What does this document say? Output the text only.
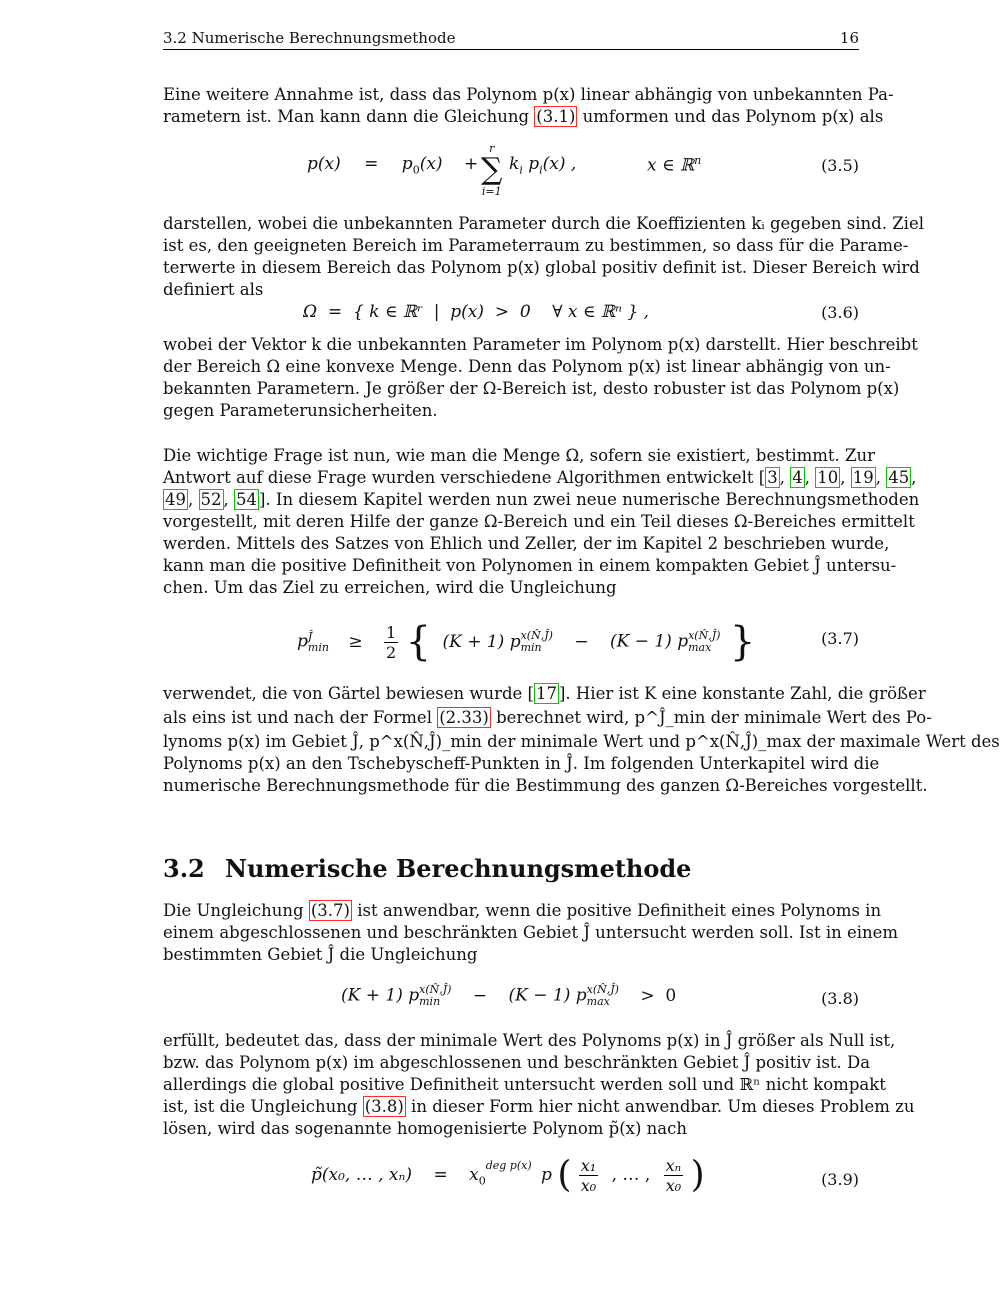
3.2 Numerische Berechnungsmethode	16
Eine weitere Annahme ist, dass das Polynom p(x) linear abhängig von unbekannten Pa-
rametern ist. Man kann dann die Gleichung (3.1) umformen und das Polynom p(x) als
$p(x) = p_0(x)$ +
r
∑
i=1
$k_i$ $p_i(x)$ ,	x ∈ ℝ$^n$	(3.5)
darstellen, wobei die unbekannten Parameter durch die Koeffizienten kᵢ gegeben sind. Ziel
ist es, den geeigneten Bereich im Parameterraum zu bestimmen, so dass für die Parame-
terwerte in diesem Bereich das Polynom p(x) global positiv definit ist. Dieser Bereich wird
definiert als
Ω  =  { k ∈ ℝʳ  |  p(x)  >  0    ∀ x ∈ ℝⁿ } ,	(3.6)
wobei der Vektor k die unbekannten Parameter im Polynom p(x) darstellt. Hier beschreibt
der Bereich Ω eine konvexe Menge. Denn das Polynom p(x) ist linear abhängig von un-
bekannten Parametern. Je größer der Ω-Bereich ist, desto robuster ist das Polynom p(x)
gegen Parameterunsicherheiten.
Die wichtige Frage ist nun, wie man die Menge Ω, sofern sie existiert, bestimmt. Zur
Antwort auf diese Frage wurden verschiedene Algorithmen entwickelt [ 3 , 4 , 10 , 19 , 45 ,
49 , 52 , 54 ]. In diesem Kapitel werden nun zwei neue numerische Berechnungsmethoden
vorgestellt, mit deren Hilfe der ganze Ω-Bereich und ein Teil dieses Ω-Bereiches ermittelt
werden. Mittels des Satzes von Ehlich und Zeller, der im Kapitel 2 beschrieben wurde,
kann man die positive Definitheit von Polynomen in einem kompakten Gebiet Ĵ untersu-
chen. Um das Ziel zu erreichen, wird die Ungleichung
p Ĵ
$\min \ge \frac{1}{2}$ { (K + 1) p x(N̂,Ĵ)
min	− (K − 1) p x(N̂,Ĵ)
max }	(3.7)
verwendet, die von Gärtel bewiesen wurde [ 17 ]. Hier ist K eine konstante Zahl, die größer
als eins ist und nach der Formel (2.33) berechnet wird, p^Ĵ_min der minimale Wert des Po-
lynoms p(x) im Gebiet Ĵ, p^x(N̂,Ĵ)_min der minimale Wert und p^x(N̂,Ĵ)_max der maximale Wert des
Polynoms p(x) an den Tschebyscheff-Punkten in Ĵ. Im folgenden Unterkapitel wird die
numerische Berechnungsmethode für die Bestimmung des ganzen Ω-Bereiches vorgestellt.
3.2 Numerische Berechnungsmethode
Die Ungleichung (3.7) ist anwendbar, wenn die positive Definitheit eines Polynoms in
einem abgeschlossenen und beschränkten Gebiet Ĵ untersucht werden soll. Ist in einem
bestimmten Gebiet Ĵ die Ungleichung
(K + 1) p x(N̂,Ĵ)
min	− (K − 1) p x(N̂,Ĵ)
max	>  0	(3.8)
erfüllt, bedeutet das, dass der minimale Wert des Polynoms p(x) in Ĵ größer als Null ist,
bzw. das Polynom p(x) im abgeschlossenen und beschränkten Gebiet Ĵ positiv ist. Da
allerdings die global positive Definitheit untersucht werden soll und ℝⁿ nicht kompakt
ist, ist die Ungleichung (3.8) in dieser Form hier nicht anwendbar. Um dieses Problem zu
lösen, wird das sogenannte homogenisierte Polynom p̃(x) nach
p̃(x₀, … , $x_n) = x_0^{deg p(x)}$ p ( $\frac{\text{x₁}}{\text{x₀}}$ , … , $\frac{\text{xₙ}}{\text{x₀}}$ )	(3.9)
